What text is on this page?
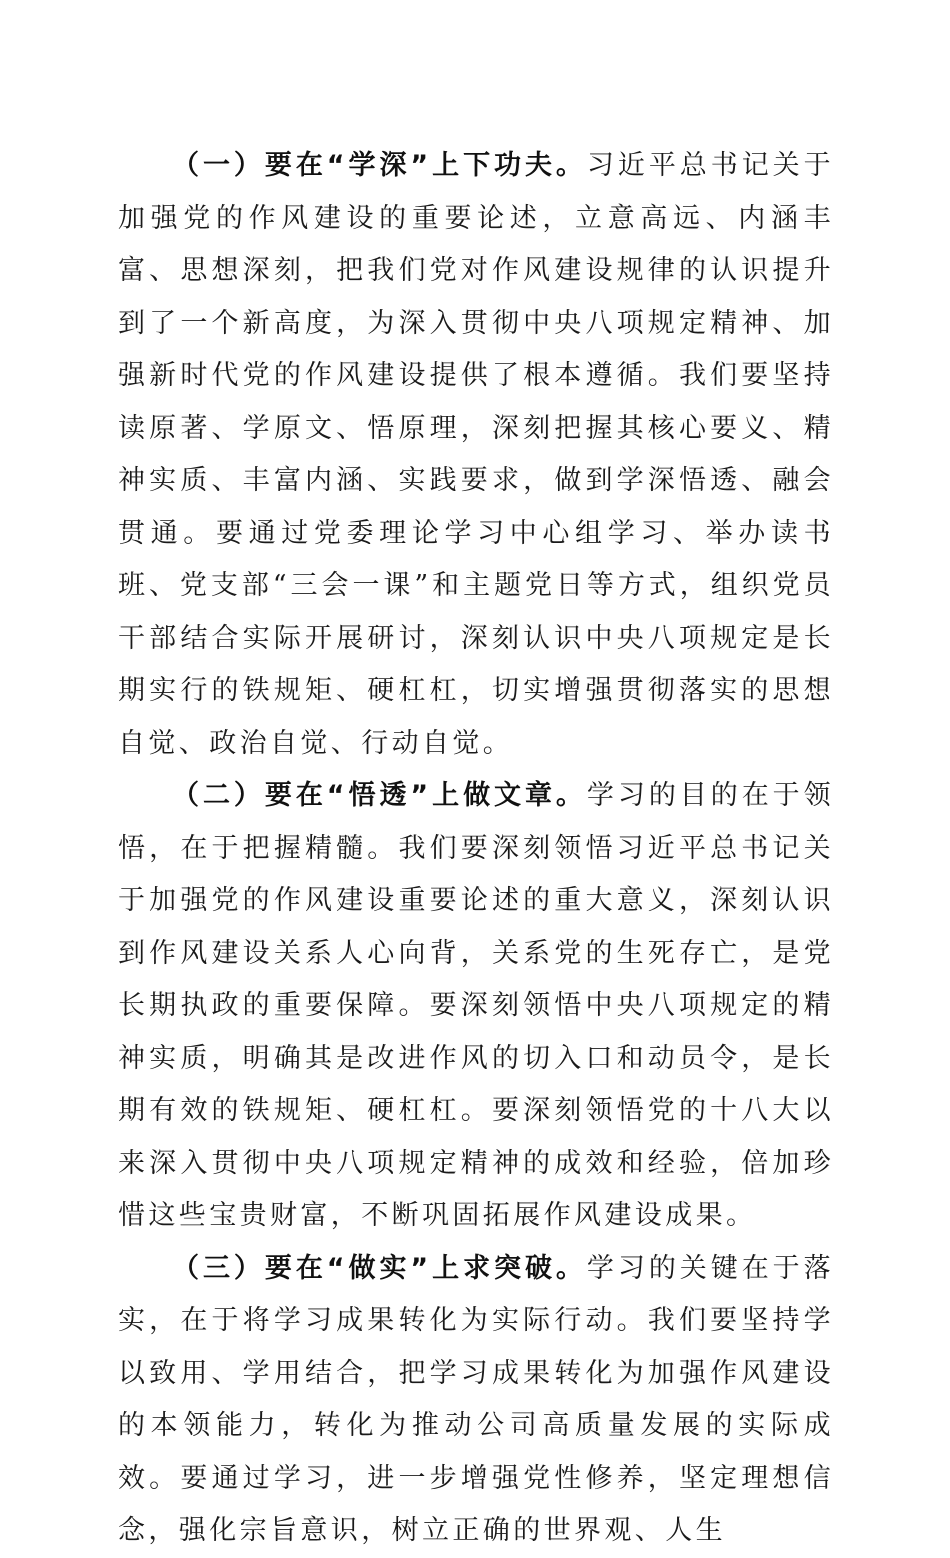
（一）要在“学深”上下功夫。习近平总书记关于加强党的作风建设的重要论述，立意高远、内涵丰富、思想深刻，把我们党对作风建设规律的认识提升到了一个新高度，为深入贯彻中央八项规定精神、加强新时代党的作风建设提供了根本遵循。我们要坚持读原著、学原文、悟原理，深刻把握其核心要义、精神实质、丰富内涵、实践要求，做到学深悟透、融会贯通。要通过党委理论学习中心组学习、举办读书班、党支部“三会一课”和主题党日等方式，组织党员干部结合实际开展研讨，深刻认识中央八项规定是长期实行的铁规矩、硬杠杠，切实增强贯彻落实的思想自觉、政治自觉、行动自觉。

（二）要在“悟透”上做文章。学习的目的在于领悟，在于把握精髓。我们要深刻领悟习近平总书记关于加强党的作风建设重要论述的重大意义，深刻认识到作风建设关系人心向背，关系党的生死存亡，是党长期执政的重要保障。要深刻领悟中央八项规定的精神实质，明确其是改进作风的切入口和动员令，是长期有效的铁规矩、硬杠杠。要深刻领悟党的十八大以来深入贯彻中央八项规定精神的成效和经验，倍加珍惜这些宝贵财富，不断巩固拓展作风建设成果。

（三）要在“做实”上求突破。学习的关键在于落实，在于将学习成果转化为实际行动。我们要坚持学以致用、学用结合，把学习成果转化为加强作风建设的本领能力，转化为推动公司高质量发展的实际成效。要通过学习，进一步增强党性修养，坚定理想信念，强化宗旨意识，树立正确的世界观、人生
